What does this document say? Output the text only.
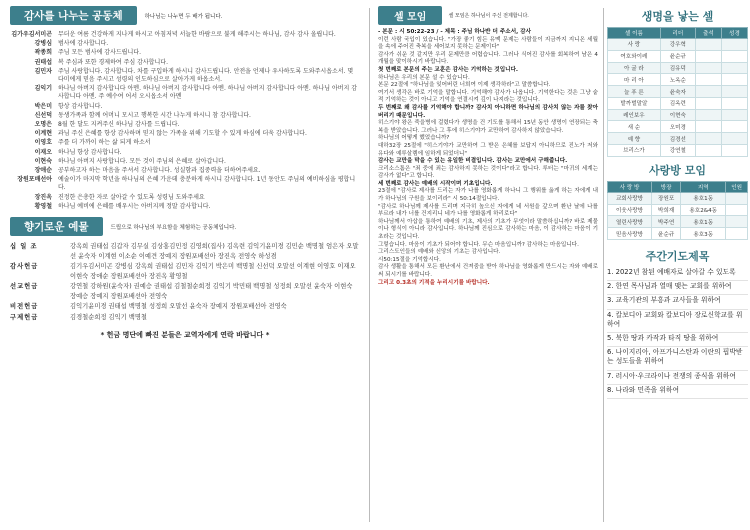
감사를 나누는 공동체	하나님는 나누면 두 배가 됩니다.
김가우김서미곤	무더운 여름 건강하게 지나게 하시고 아침저녁 서늘한 바람으로 불게 해주시는 하나님, 감사 감사 올립니다.
강병심	범사에 감사합니다.
곽종희	주님 모든 범사에 감사드립니다.
권태섭	복 주심과 또한 경제하여 주심 감사합니다.
김민자	주님 사랑합니다. 감사합니다. 차를 구입하게 하시니 감사드립니다. 안전을 언제나 우사하도록 도와주시옵소서. 몇 다미에게 믿음 주시고 성령의 인도하심으로 살아가게 하옵소서.
김익기	하나님 아버지 감사합니다 아멘. 하나님 아버지 감사합니다 아멘. 하나님 아버지 감사합니다 아멘. 하나님 아버지 감사합니다 아멘. 주 예수여 어서 오시옵소서 아멘
박은미	항상 감사합니다.
신선덕	동생가족과 함께 어머니 모시고 행복한 시간 나누게 하시니 참 감사합니다.
오명은	8월 한 달도 지켜주신 하나님 감사를 드립니다.
이계현	과님 주신 은혜를 항상 감사하며 믿지 않는 가족을 위해 기도할 수 있게 하심에 더욱 감사합니다.
이영호	주를 더 가까이 하는 삶 되게 하소서
이재오	하나님 항상 감사합니다.
이현숙	하나님 아버지 사랑합니다. 모든 것이 주님의 은혜로 살아갑니다.
장애순	공부하고자 하는 마음을 주셔서 감사합니다. 성실함과 집중력을 더하여주세요.
장원포배선아	예술이가 마지막 학년을 하나님의 은혜 가운데 충분하게 하시니 감사합니다. 1년 동안도 주님의 예비하심을 평합니다.
장진옥	진정한 은총한 자로 살아갈 수 있도록 성령님 도와주세요
황영철	하나님 예비에 은혜를 배우시는 아버지께 정말 감사합니다.
향기로운 예물	드립으로 하나님의 부요함을 체험하는 공동체입니다.
십 일 조	강옥희 권태섭 김갑자 김무실 김상홍김민정 김영희(집사) 김옥련 김익기윤미경 김민순 백명철 엄은자 오말선 윤숙자 이계현 이소순 이예견 장예지 장원포배선아 장진옥 전영숙 하성겸
감사헌금	김기우김서미곤 강병심 강옥희 권태섭 김민자 김익기 박은미 백명철 신선덕 오말선 이계현 이영호 이재오 이현숙 장애순 장원포배선아 장진옥 황영철
선교헌금	강연철 강하원(윤숙자) 권예승 권태섭 김철철순희정 김익기 박민태 백명철 성정희 오말선 윤숙자 이현숙 장예승 장예지 장원포배선아 전영숙
비전헌금	김익기윤미경 권태섭 백명철 성정희 오말선 윤숙자 장예지 장원포배선아 전영숙
구제헌금	김경철순희정 김익기 백명철
* 헌금 명단에 빠진 분들은 교역자에게 연락 바랍니다 *
셀 모임	셀 모임은 하나님이 주신 전제합니다.

- 본문 : 시 50:22-23 / - 제목 : 주님 하나반 더 주소서, 감사

이런 사람 국입이 있습니다. "가장 좋기 힘든 유맥 문제는 사람들이 지금까지 지니온 세월을 속에 주어진 축복을 세어보지 못하는 문제이다"

감사가 쉬운 것 같지만 우리 문제만큼 어렵습니다. 그러나 식어진 감사를 회복하여 남은 4개월을 맞이하시기 바랍니다.

첫 번째로 본문의 주는 교훈은 감사는 기억하는 것입니다.

하나님은 우리의 본문 설 수 있습니다.

본문 22절에 "하나님을 잊어버린 너희여 이제 생각하라"고 말씀합니다.

여기서 생각은 바로 기억을 말합니다. 기억해야 감사가 나옵니다. 기억한다는 것은 그냥 숱적 기억하는 것이 아니고 기억을 연결시켜 깊이 나지라는 것입니다.

두 번째로 왜 감사를 기억해야 합니까? 감사치 아니하면 하나님의 감사치 않는 자를 찾아버리기 때문입니다.

히스기야 왕은 죽을병에 걸렸다가 생명을 건 기도를 통해서 15년 동안 생명이 연장되는 축복을 받았습니다. 그러나 그 후에 히스기야가 교만하여 감사하지 않았습니다.

하나님의 어떻게 했었습니까?

대하32장 25절에 "히스기야가 교만하여 그 받은 은혜를 보답지 아니하므로 진노가 저와 유다와 예루살렘에 임하게 되었더니"

감사는 교만을 막을 수 있는 유일한 비결입니다. 감사는 교만에서 구해줍니다.

크리소스톰은 "죄 중에 죄는 감사하지 못하는 것이다"라고 합니다. 루터는 "마귀의 세계는 감사가 없다"고 합니다.

세 번째로 감사는 예배의 시작이며 기초입니다.

23절에 "감사로 제사를 드리는 자가 나를 영화롭게 하나니 그 행위를 옳게 하는 자에게 내가 하나님의 구원을 보이리라" 시 50:14절입니다.

"감사로 하나님께 제사를 드리며 지극히 높으신 자에게 네 서원을 갚으며 환난 날에 나를 부르라 내가 너를 건지리니 네가 나를 영화롭게 하리로다"

하나님께서 아삽을 통하여 예배의 기초, 제사의 기초가 무엇이라 말씀하십니까? 바로 제물이나 형식이 아니라 감사입니다. 하나님께 진심으로 감사하는 마음, 이 감사하는 마음이 기초라는 것입니다.

그렇습니다. 마음이 기초가 되어야 합니다. 무슨 마음입니까? 감사하는 마음입니다.

그리스도인들의 예배와 신앙의 기초는 감사입니다.

시50:15절을 기억합시다.

감사 생활을 통해서 모든 환난에서 건져줌을 받아 하나님을 영화롭게 만드시는 자와 예배로써 되시기를 바랍니다.

그리고 0.3초의 기적을 누리시기를 바랍니다.

생명을 낳는 셀
셀 이름	리더	출석	성경
사 랑	강우혁		
여호와이레	윤순규		
아 굴 라	김유덕		
마 리 아	노옥순		
늘 푸 른	윤숙자		
발까벌말알	김옥련		
레인보우	이현숙		
새 순	오미경		
예 향	김경선		
브리스가	강연철		
사랑방 모임
사 랑 방	방장	지역	인원
교회사랑방	장원포	용호1동	
이웃사랑방	박희재	용호2&4동	
열린사랑방	박주연	용호1동	
믿음사랑방	윤순규	용호3동	
주간기도제목
1. 2022년 참된 예배자로 살아갈 수 있도록
2. 한연 목사님과 열매 맺는 교회를 위하여
3. 교육기관의 부흥과 교사들을 위하여
4. 칼보디아 교회와 칼보디아 장로신학교를 위하여
5. 북한 땅과 카작과 타직 땅을 위하여
6. 나이지리아, 아프가니스탄과 이란의 핍박받는 성도들을 위하여
7. 러시아·우크라이나 전쟁의 종식을 위하여
8. 나라와 민족을 위하여
